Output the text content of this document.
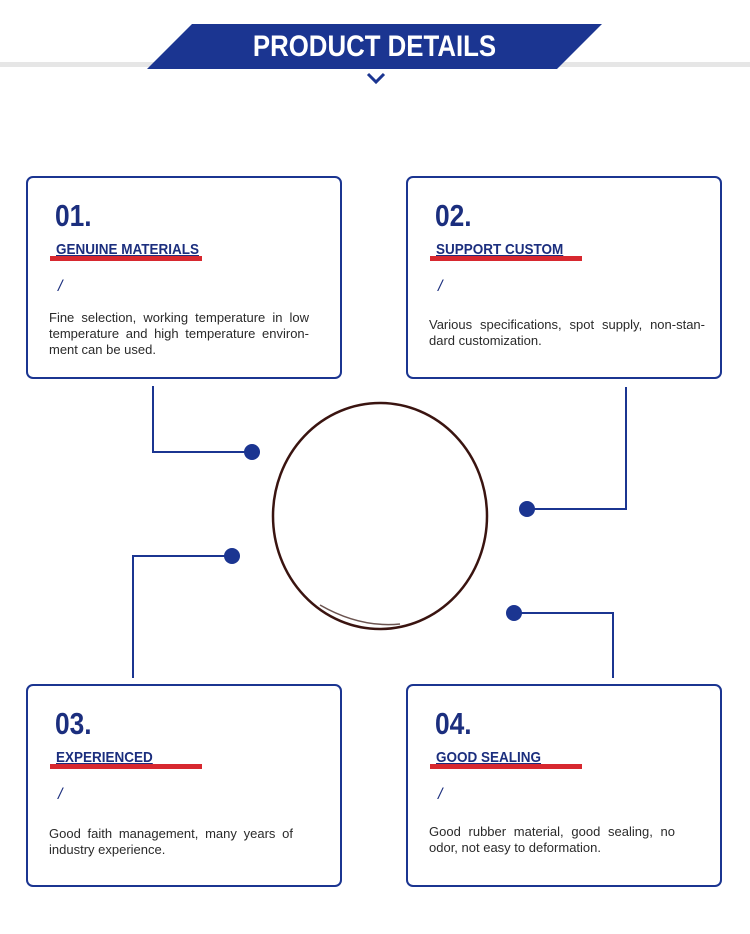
PRODUCT DETAILS
01.
GENUINE MATERIALS
/
Fine selection, working temperature in low temperature and high temperature environ-ment can be used.
02.
SUPPORT CUSTOM
/
Various specifications, spot supply, non-stan-dard customization.
03.
EXPERIENCED
/
Good faith management, many years of industry experience.
04.
GOOD SEALING
/
Good rubber material, good sealing, no odor, not easy to deformation.
